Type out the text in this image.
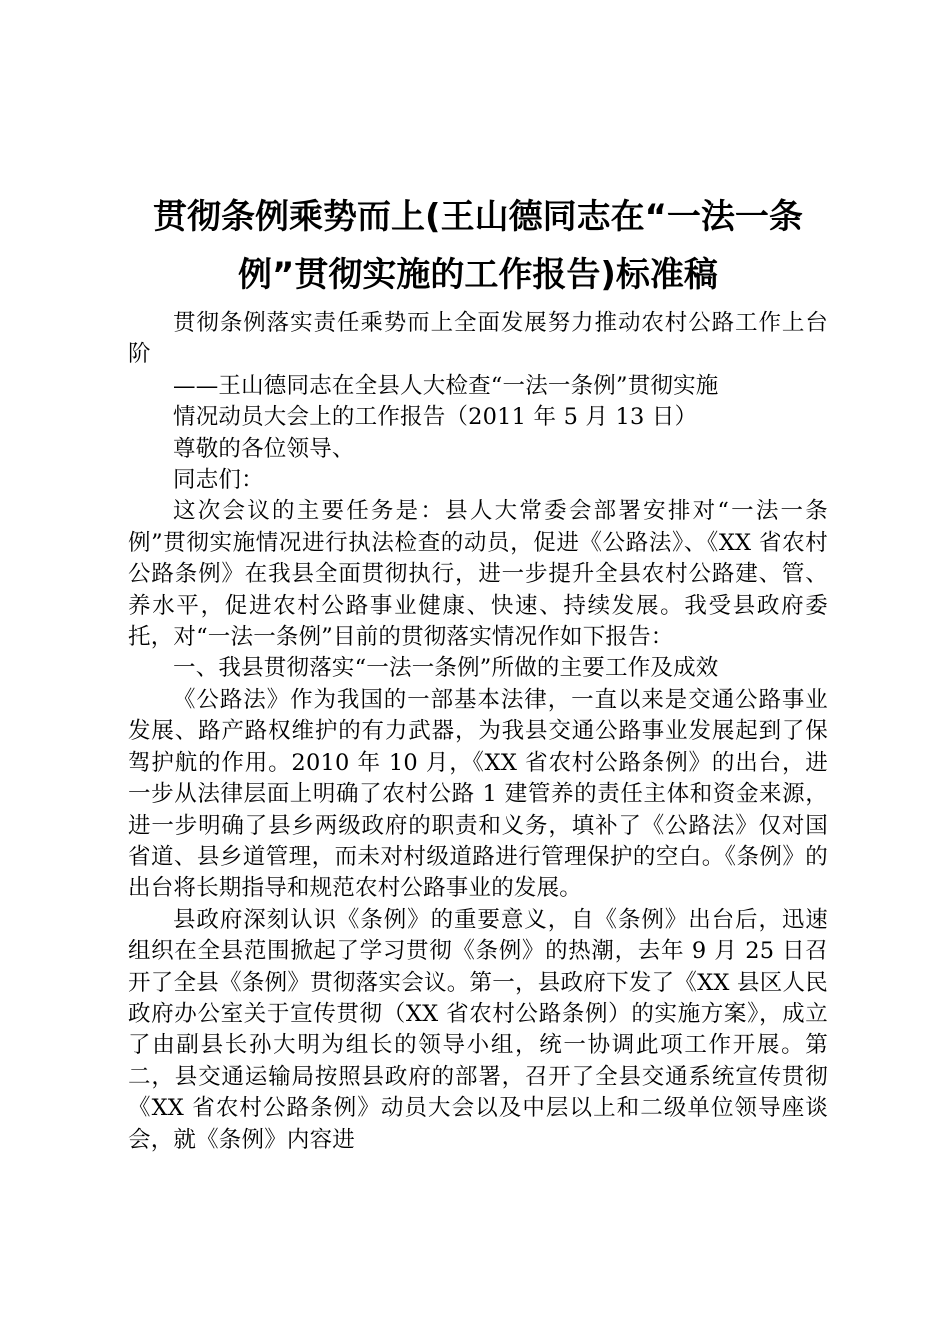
贯彻条例乘势而上(王山德同志在“一法一条
例”贯彻实施的工作报告)标准稿

贯彻条例落实责任乘势而上全面发展努力推动农村公路工作上台阶

——王山德同志在全县人大检查“一法一条例”贯彻实施

情况动员大会上的工作报告（2011 年 5 月 13 日）

尊敬的各位领导、

同志们：

这次会议的主要任务是：县人大常委会部署安排对“一法一条例”贯彻实施情况进行执法检查的动员，促进《公路法》、《XX 省农村公路条例》在我县全面贯彻执行，进一步提升全县农村公路建、管、养水平，促进农村公路事业健康、快速、持续发展。我受县政府委托，对“一法一条例”目前的贯彻落实情况作如下报告：

一、我县贯彻落实“一法一条例”所做的主要工作及成效

《公路法》作为我国的一部基本法律，一直以来是交通公路事业发展、路产路权维护的有力武器，为我县交通公路事业发展起到了保驾护航的作用。2010 年 10 月，《XX 省农村公路条例》的出台，进一步从法律层面上明确了农村公路 1 建管养的责任主体和资金来源，进一步明确了县乡两级政府的职责和义务，填补了《公路法》仅对国省道、县乡道管理，而未对村级道路进行管理保护的空白。《条例》的出台将长期指导和规范农村公路事业的发展。

县政府深刻认识《条例》的重要意义，自《条例》出台后，迅速组织在全县范围掀起了学习贯彻《条例》的热潮，去年 9 月 25 日召开了全县《条例》贯彻落实会议。第一，县政府下发了《XX 县区人民政府办公室关于宣传贯彻（XX 省农村公路条例）的实施方案》，成立了由副县长孙大明为组长的领导小组，统一协调此项工作开展。第二，县交通运输局按照县政府的部署，召开了全县交通系统宣传贯彻《XX 省农村公路条例》动员大会以及中层以上和二级单位领导座谈会，就《条例》内容进
